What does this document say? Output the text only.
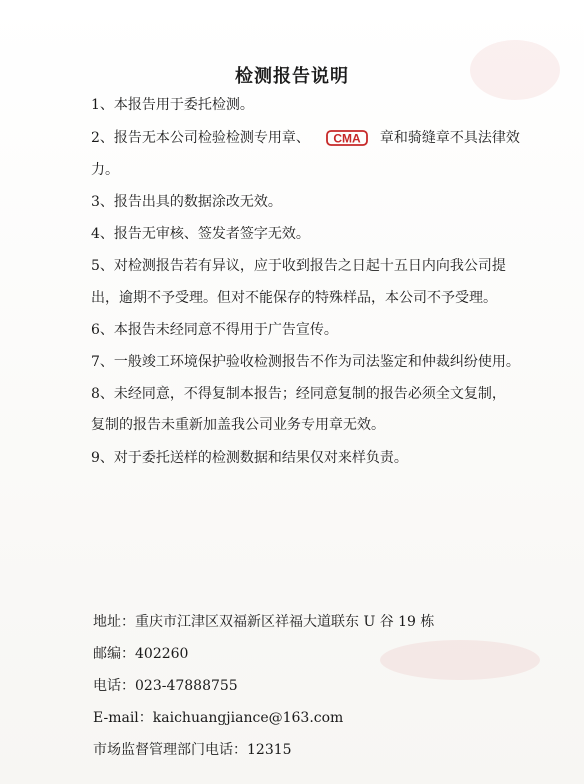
检测报告说明
1、本报告用于委托检测。
2、报告无本公司检验检测专用章、 CMA 章和骑缝章不具法律效
力。
3、报告出具的数据涂改无效。
4、报告无审核、签发者签字无效。
5、对检测报告若有异议，应于收到报告之日起十五日内向我公司提
出，逾期不予受理。但对不能保存的特殊样品，本公司不予受理。
6、本报告未经同意不得用于广告宣传。
7、一般竣工环境保护验收检测报告不作为司法鉴定和仲裁纠纷使用。
8、未经同意，不得复制本报告；经同意复制的报告必须全文复制，
复制的报告未重新加盖我公司业务专用章无效。
9、对于委托送样的检测数据和结果仅对来样负责。
地址：重庆市江津区双福新区祥福大道联东 U 谷 19 栋
邮编：402260
电话：023-47888755
E-mail：kaichuangjiance@163.com
市场监督管理部门电话：12315
